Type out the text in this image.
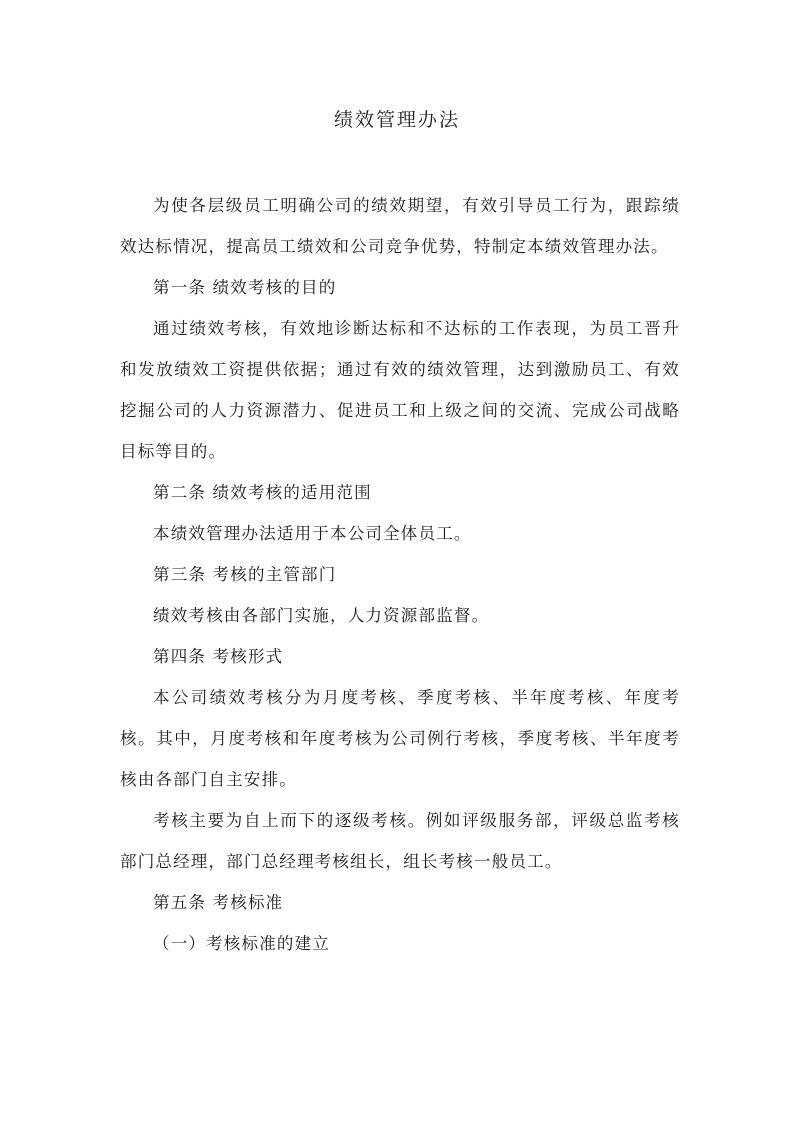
绩效管理办法

为使各层级员工明确公司的绩效期望，有效引导员工行为，跟踪绩效达标情况，提高员工绩效和公司竞争优势，特制定本绩效管理办法。

第一条 绩效考核的目的

通过绩效考核，有效地诊断达标和不达标的工作表现，为员工晋升和发放绩效工资提供依据；通过有效的绩效管理，达到激励员工、有效挖掘公司的人力资源潜力、促进员工和上级之间的交流、完成公司战略目标等目的。

第二条 绩效考核的适用范围

本绩效管理办法适用于本公司全体员工。

第三条 考核的主管部门

绩效考核由各部门实施，人力资源部监督。

第四条 考核形式

本公司绩效考核分为月度考核、季度考核、半年度考核、年度考核。其中，月度考核和年度考核为公司例行考核，季度考核、半年度考核由各部门自主安排。

考核主要为自上而下的逐级考核。例如评级服务部，评级总监考核部门总经理，部门总经理考核组长，组长考核一般员工。

第五条 考核标准

（一）考核标准的建立
